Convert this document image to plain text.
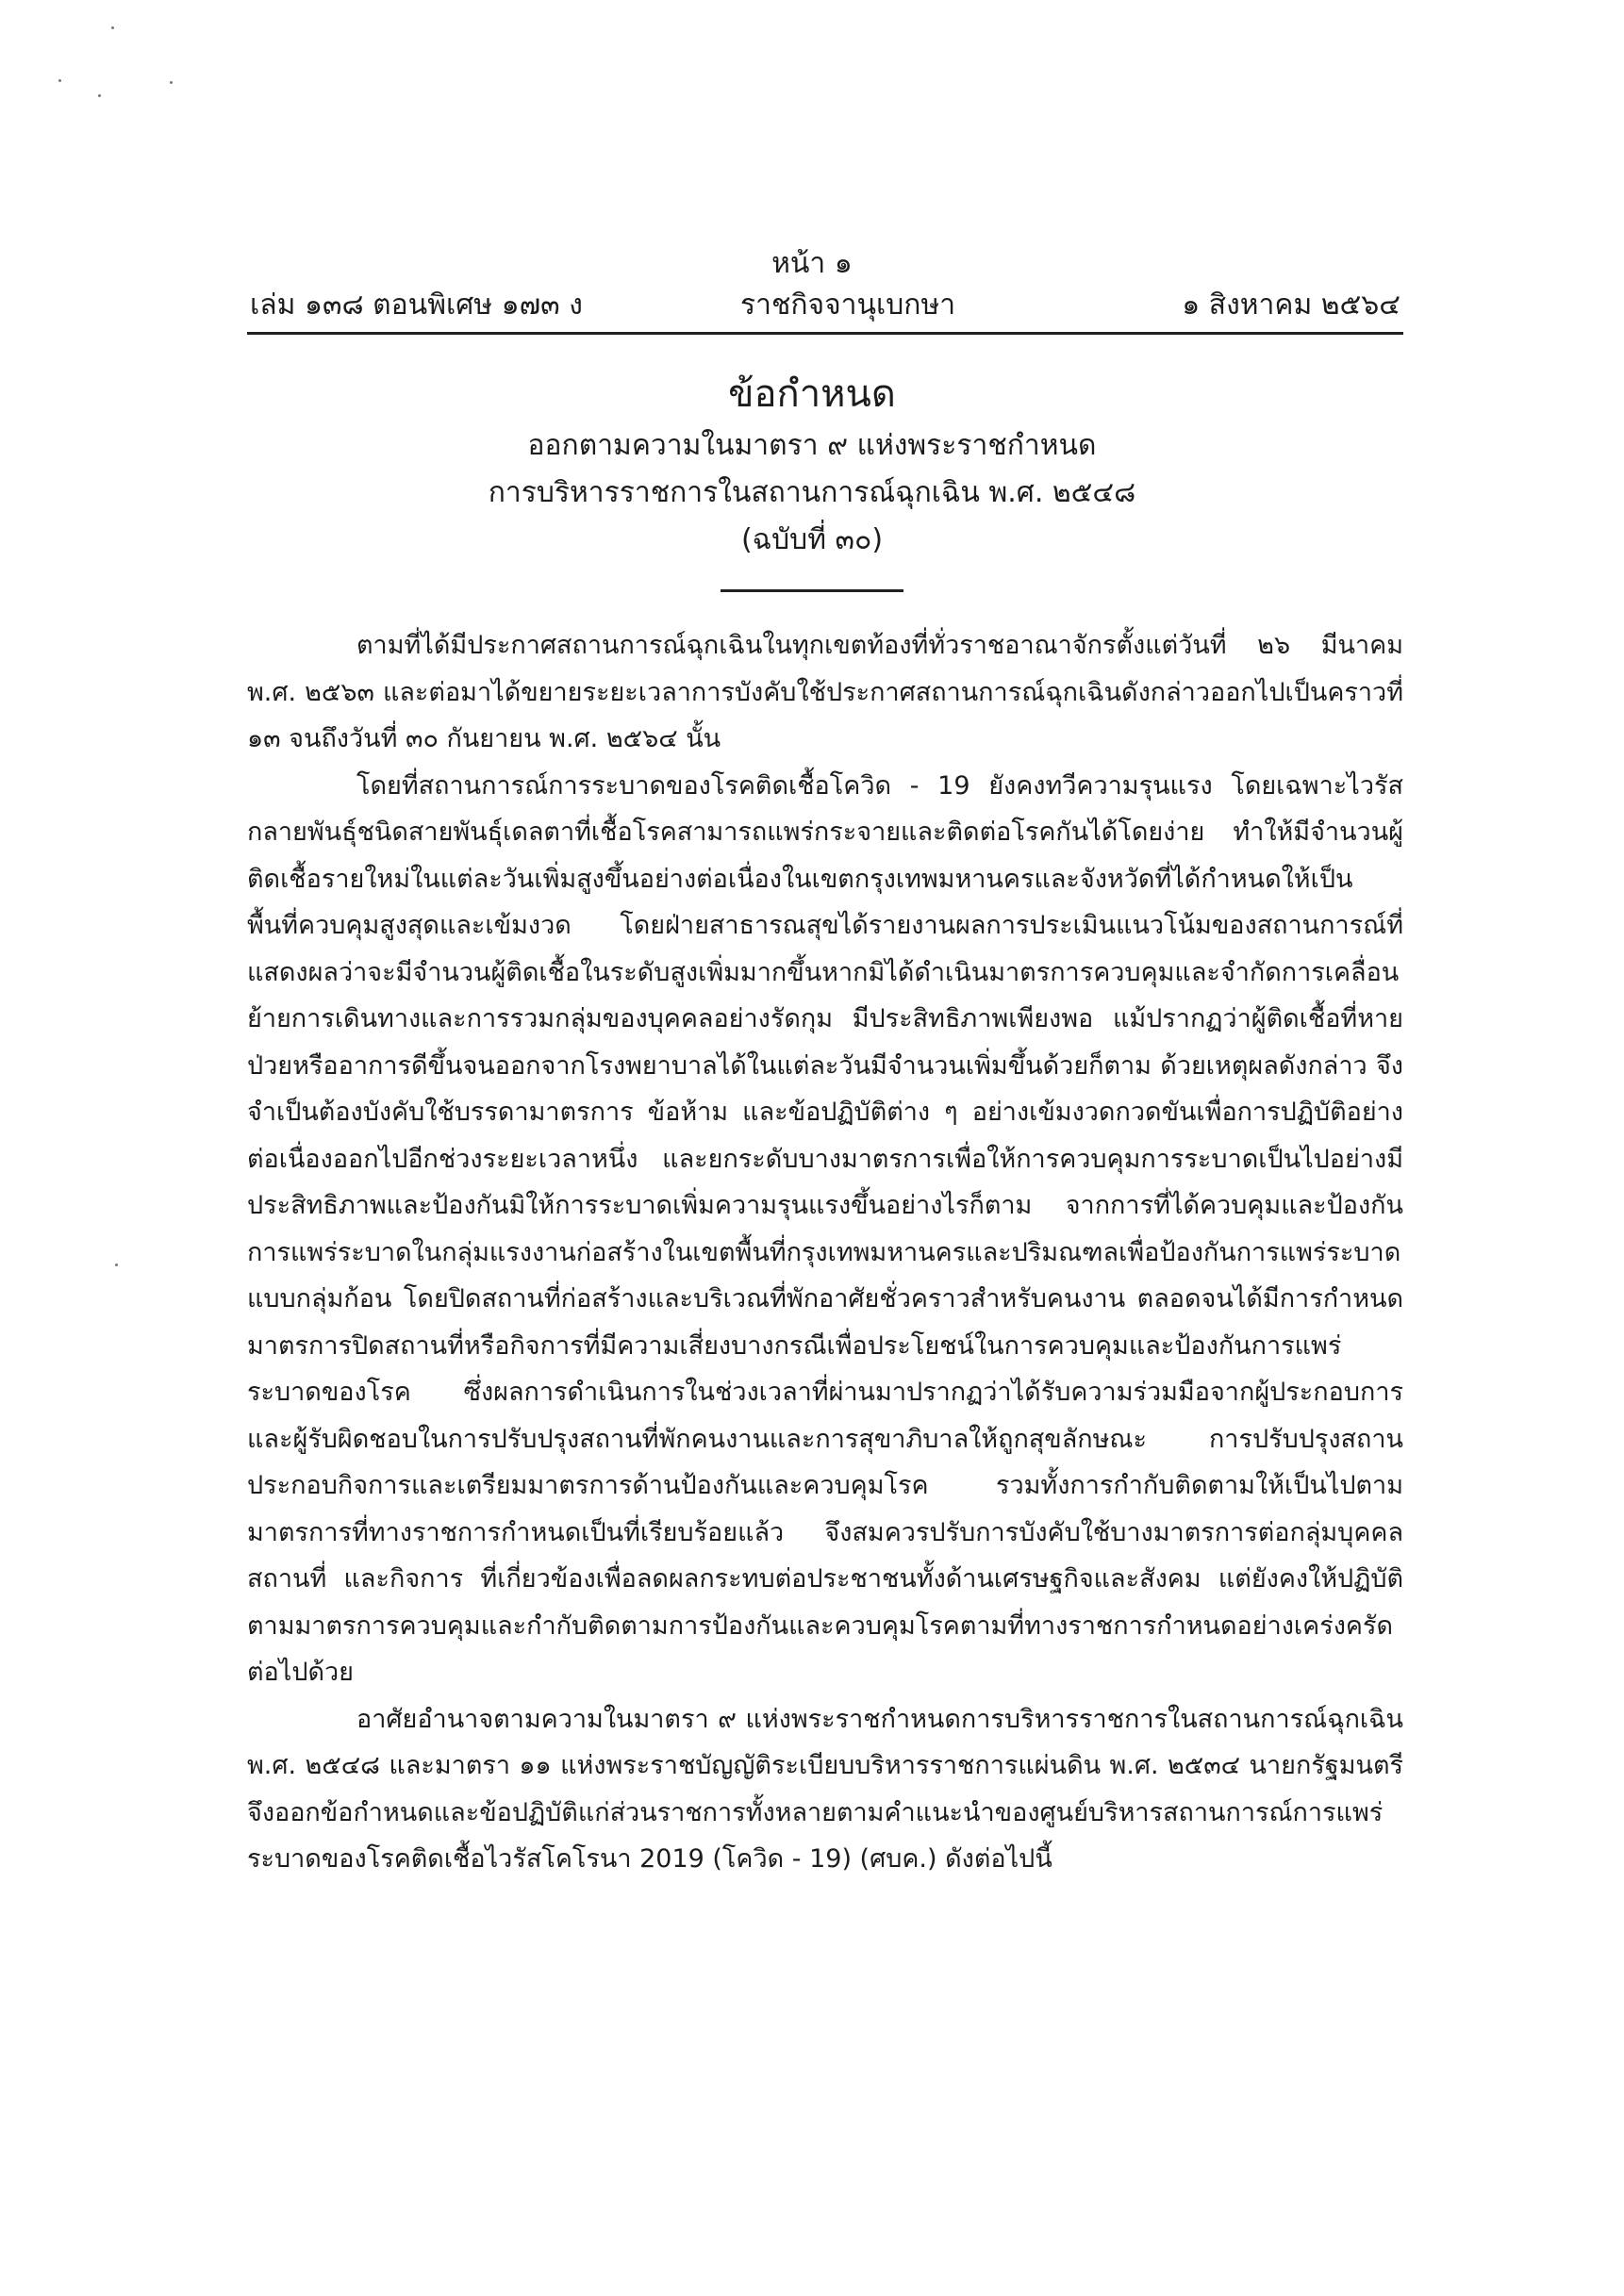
หน้า ๑
เล่ม ๑๓๘ ตอนพิเศษ ๑๗๓ ง	ราชกิจจานุเบกษา	๑ สิงหาคม ๒๕๖๔
ข้อกำหนด

ออกตามความในมาตรา ๙ แห่งพระราชกำหนด

การบริหารราชการในสถานการณ์ฉุกเฉิน พ.ศ. ๒๕๔๘

(ฉบับที่ ๓๐)

ตามที่ได้มีประกาศสถานการณ์ฉุกเฉินในทุกเขตท้องที่ทั่วราชอาณาจักรตั้งแต่วันที่ ๒๖ มีนาคม พ.ศ. ๒๕๖๓ และต่อมาได้ขยายระยะเวลาการบังคับใช้ประกาศสถานการณ์ฉุกเฉินดังกล่าวออกไปเป็นคราวที่ ๑๓ จนถึงวันที่ ๓๐ กันยายน พ.ศ. ๒๕๖๔ นั้น

โดยที่สถานการณ์การระบาดของโรคติดเชื้อโควิด - 19 ยังคงทวีความรุนแรง โดยเฉพาะไวรัสกลายพันธุ์ชนิดสายพันธุ์เดลตาที่เชื้อโรคสามารถแพร่กระจายและติดต่อโรคกันได้โดยง่าย ทำให้มีจำนวนผู้ติดเชื้อรายใหม่ในแต่ละวันเพิ่มสูงขึ้นอย่างต่อเนื่องในเขตกรุงเทพมหานครและจังหวัดที่ได้กำหนดให้เป็นพื้นที่ควบคุมสูงสุดและเข้มงวด โดยฝ่ายสาธารณสุขได้รายงานผลการประเมินแนวโน้มของสถานการณ์ที่แสดงผลว่าจะมีจำนวนผู้ติดเชื้อในระดับสูงเพิ่มมากขึ้นหากมิได้ดำเนินมาตรการควบคุมและจำกัดการเคลื่อนย้ายการเดินทางและการรวมกลุ่มของบุคคลอย่างรัดกุม มีประสิทธิภาพเพียงพอ แม้ปรากฏว่าผู้ติดเชื้อที่หายป่วยหรืออาการดีขึ้นจนออกจากโรงพยาบาลได้ในแต่ละวันมีจำนวนเพิ่มขึ้นด้วยก็ตาม ด้วยเหตุผลดังกล่าว จึงจำเป็นต้องบังคับใช้บรรดามาตรการ ข้อห้าม และข้อปฏิบัติต่าง ๆ อย่างเข้มงวดกวดขันเพื่อการปฏิบัติอย่างต่อเนื่องออกไปอีกช่วงระยะเวลาหนึ่ง และยกระดับบางมาตรการเพื่อให้การควบคุมการระบาดเป็นไปอย่างมีประสิทธิภาพและป้องกันมิให้การระบาดเพิ่มความรุนแรงขึ้นอย่างไรก็ตาม จากการที่ได้ควบคุมและป้องกันการแพร่ระบาดในกลุ่มแรงงานก่อสร้างในเขตพื้นที่กรุงเทพมหานครและปริมณฑลเพื่อป้องกันการแพร่ระบาดแบบกลุ่มก้อน โดยปิดสถานที่ก่อสร้างและบริเวณที่พักอาศัยชั่วคราวสำหรับคนงาน ตลอดจนได้มีการกำหนดมาตรการปิดสถานที่หรือกิจการที่มีความเสี่ยงบางกรณีเพื่อประโยชน์ในการควบคุมและป้องกันการแพร่ระบาดของโรค ซึ่งผลการดำเนินการในช่วงเวลาที่ผ่านมาปรากฏว่าได้รับความร่วมมือจากผู้ประกอบการและผู้รับผิดชอบในการปรับปรุงสถานที่พักคนงานและการสุขาภิบาลให้ถูกสุขลักษณะ การปรับปรุงสถานประกอบกิจการและเตรียมมาตรการด้านป้องกันและควบคุมโรค รวมทั้งการกำกับติดตามให้เป็นไปตามมาตรการที่ทางราชการกำหนดเป็นที่เรียบร้อยแล้ว จึงสมควรปรับการบังคับใช้บางมาตรการต่อกลุ่มบุคคล สถานที่ และกิจการ ที่เกี่ยวข้องเพื่อลดผลกระทบต่อประชาชนทั้งด้านเศรษฐกิจและสังคม แต่ยังคงให้ปฏิบัติตามมาตรการควบคุมและกำกับติดตามการป้องกันและควบคุมโรคตามที่ทางราชการกำหนดอย่างเคร่งครัดต่อไปด้วย

อาศัยอำนาจตามความในมาตรา ๙ แห่งพระราชกำหนดการบริหารราชการในสถานการณ์ฉุกเฉิน พ.ศ. ๒๕๔๘ และมาตรา ๑๑ แห่งพระราชบัญญัติระเบียบบริหารราชการแผ่นดิน พ.ศ. ๒๕๓๔ นายกรัฐมนตรีจึงออกข้อกำหนดและข้อปฏิบัติแก่ส่วนราชการทั้งหลายตามคำแนะนำของศูนย์บริหารสถานการณ์การแพร่ระบาดของโรคติดเชื้อไวรัสโคโรนา 2019 (โควิด - 19) (ศบค.) ดังต่อไปนี้
